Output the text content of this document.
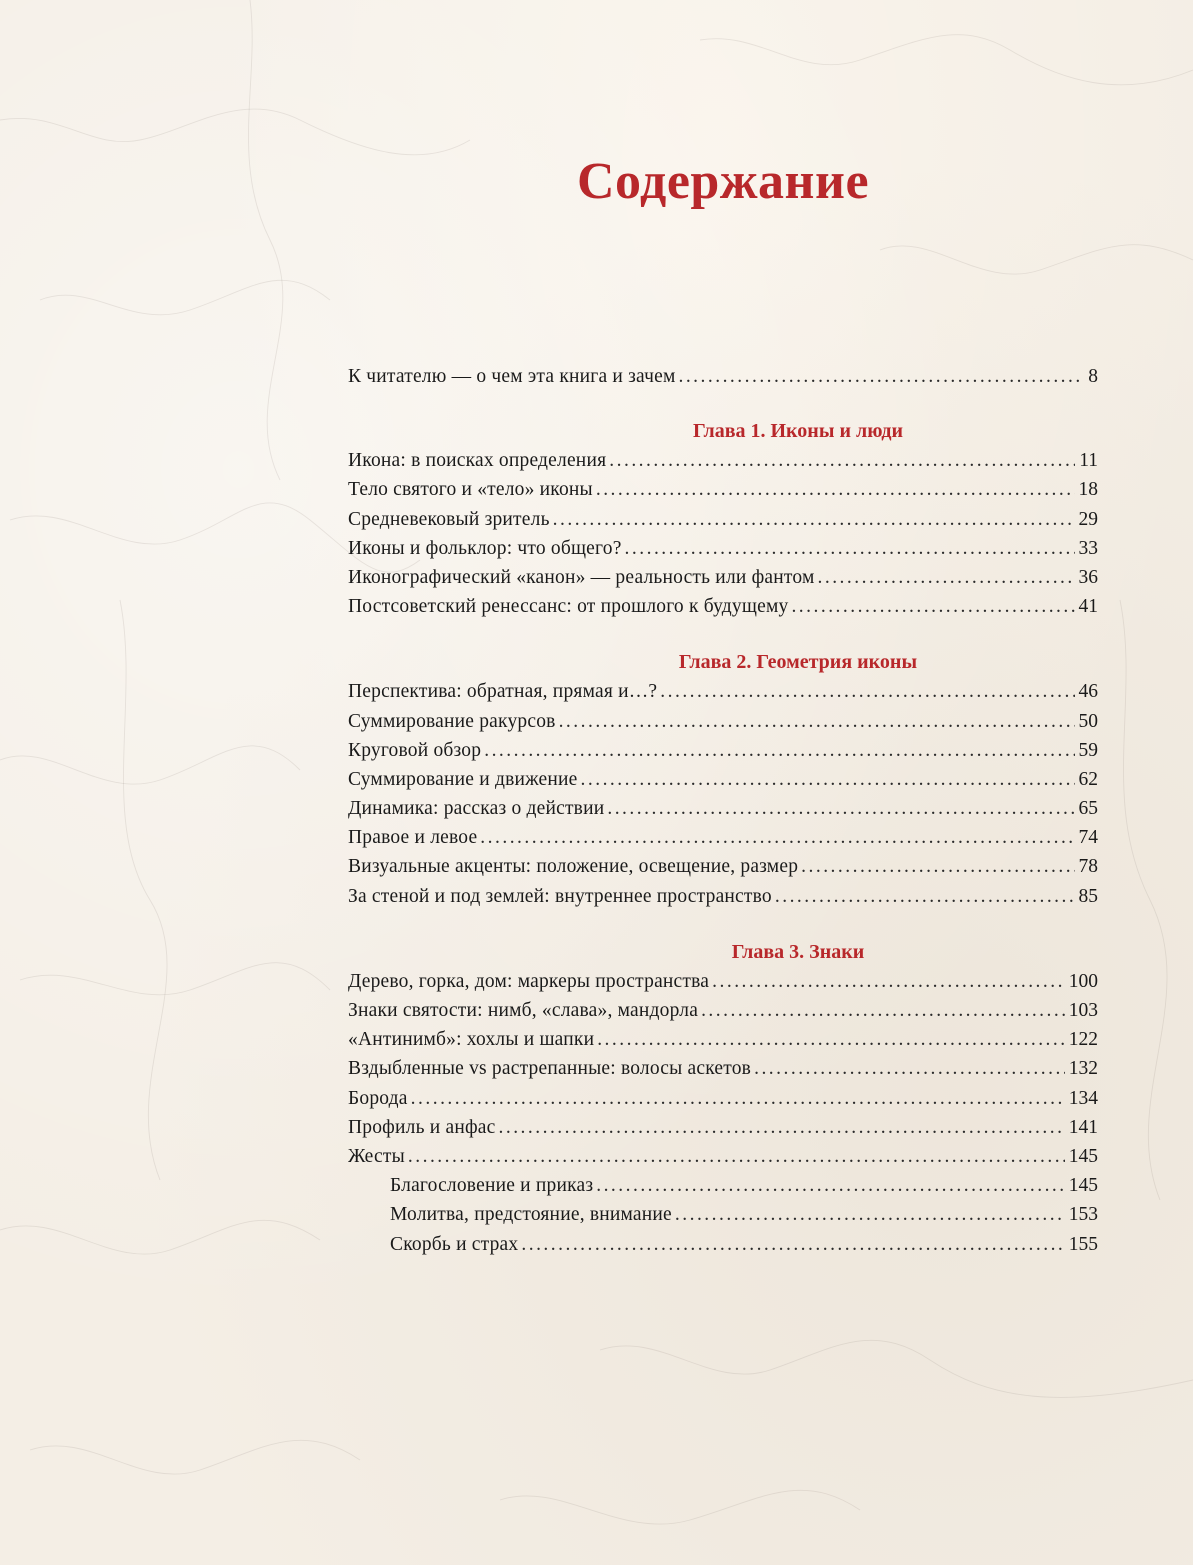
Содержание
К читателю — о чем эта книга и зачем . . .	8
Глава 1. Иконы и люди
Икона: в поисках определения . . .	11
Тело святого и «тело» иконы . . .	18
Средневековый зритель . . .	29
Иконы и фольклор: что общего? . . .	33
Иконографический «канон» — реальность или фантом . . .	36
Постсоветский ренессанс: от прошлого к будущему . . .	41
Глава 2. Геометрия иконы
Перспектива: обратная, прямая и…? . . .	46
Суммирование ракурсов . . .	50
Круговой обзор . . .	59
Суммирование и движение . . .	62
Динамика: рассказ о действии . . .	65
Правое и левое . . .	74
Визуальные акценты: положение, освещение, размер . . .	78
За стеной и под землей: внутреннее пространство . . .	85
Глава 3. Знаки
Дерево, горка, дом: маркеры пространства . . .	100
Знаки святости: нимб, «слава», мандорла . . .	103
«Антинимб»: хохлы и шапки . . .	122
Вздыбленные vs растрепанные: волосы аскетов . . .	132
Борода . . .	134
Профиль и анфас . . .	141
Жесты . . .	145
Благословение и приказ . . .	145
Молитва, предстояние, внимание . . .	153
Скорбь и страх . . .	155
